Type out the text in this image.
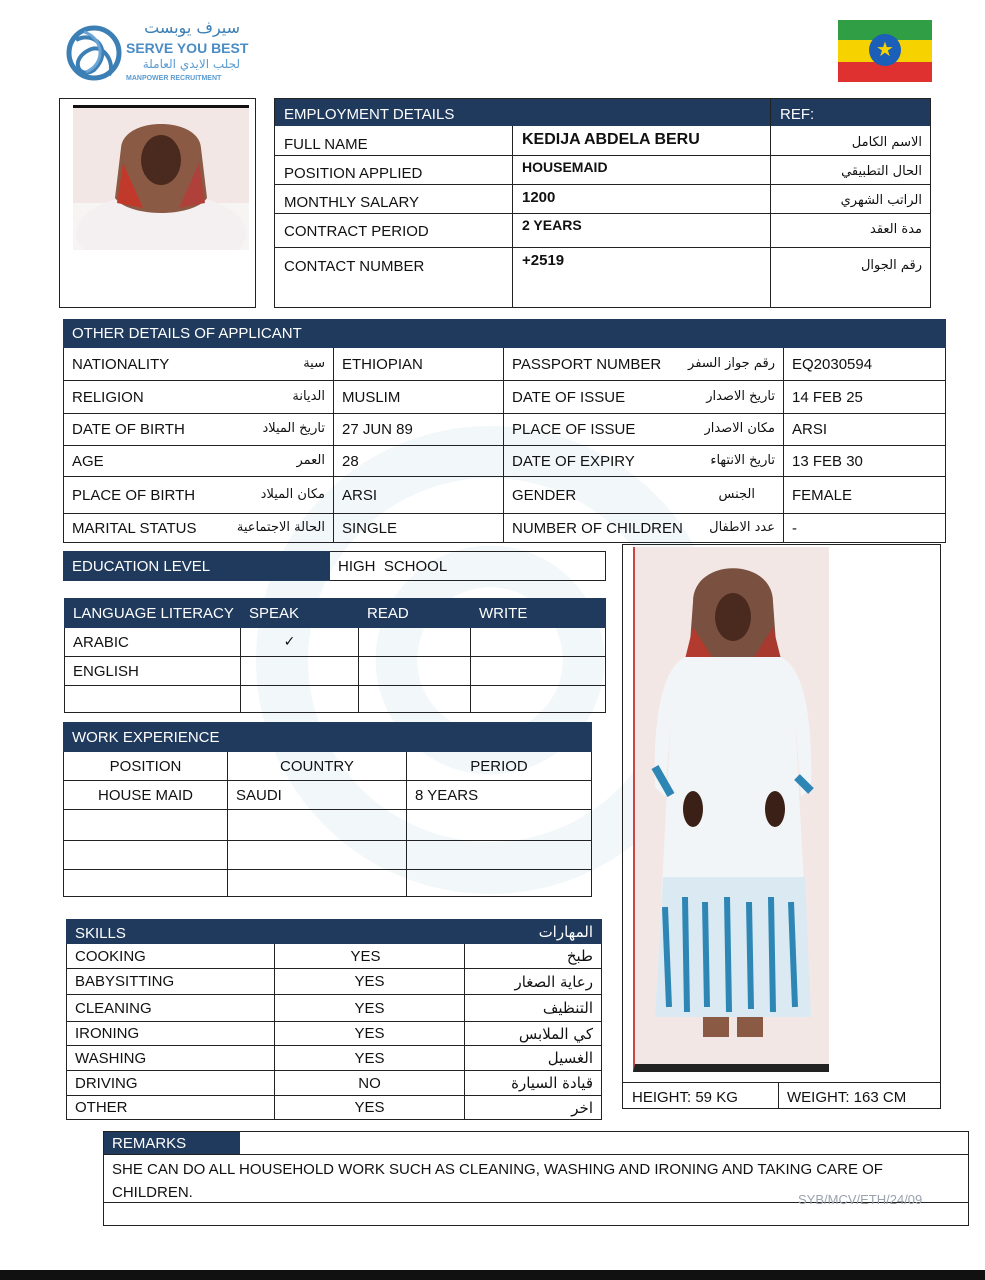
سيرف يوبست
SERVE YOU BEST
لجلب الايدي العاملة
MANPOWER RECRUITMENT
★
EMPLOYMENT DETAILS	REF:
FULL NAME	KEDIJA ABDELA BERU	الاسم الكامل
POSITION APPLIED	HOUSEMAID	الحال التطبيقي
MONTHLY SALARY	1200	الراتب الشهري
CONTRACT PERIOD	2 YEARS	مدة العقد
CONTACT NUMBER	+2519	رقم الجوال
OTHER DETAILS OF APPLICANT			
NATIONALITY سية	ETHIOPIAN	PASSPORT NUMBER رقم جواز السفر	EQ2030594
RELIGION الديانة	MUSLIM	DATE OF ISSUE تاريخ الاصدار	14 FEB 25
DATE OF BIRTH تاريخ الميلاد	27 JUN 89	PLACE OF ISSUE مكان الاصدار	ARSI
AGE العمر	28	DATE OF EXPIRY تاريخ الانتهاء	13 FEB 30
PLACE OF BIRTH مكان الميلاد	ARSI	GENDER الجنس	FEMALE
MARITAL STATUS الحالة الاجتماعية	SINGLE	NUMBER OF CHILDREN عدد الاطفال	-
EDUCATION LEVEL	HIGH  SCHOOL
LANGUAGE LITERACY	SPEAK	READ	WRITE
ARABIC	✓		
ENGLISH			

WORK EXPERIENCE		
POSITION	COUNTRY	PERIOD
HOUSE MAID	SAUDI	8 YEARS

SKILLS		المهارات
COOKING	YES	طبخ
BABYSITTING	YES	رعاية الصغار
CLEANING	YES	التنظيف
IRONING	YES	كي الملابس
WASHING	YES	الغسيل
DRIVING	NO	قيادة السيارة
OTHER	YES	اخر
HEIGHT: 59 KG	WEIGHT: 163 CM
REMARKS
SHE CAN DO ALL HOUSEHOLD WORK SUCH AS CLEANING, WASHING AND IRONING AND TAKING CARE OF CHILDREN.	SYB/MCV/ETH/24/09
